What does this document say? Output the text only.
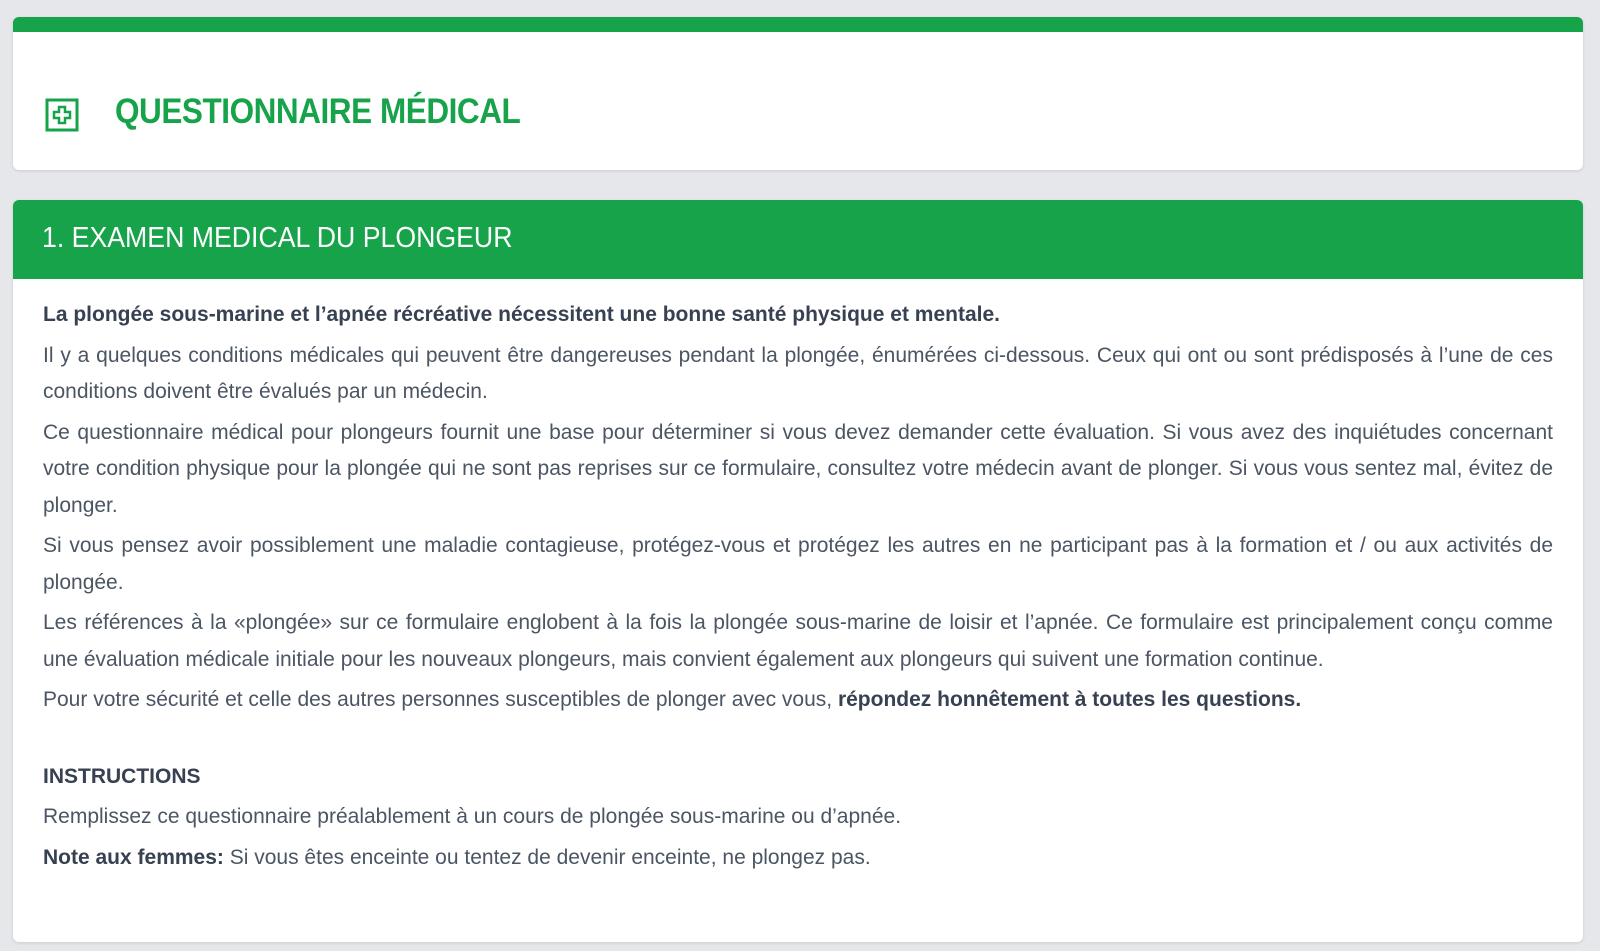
QUESTIONNAIRE MÉDICAL
1. EXAMEN MEDICAL DU PLONGEUR

La plongée sous-marine et l’apnée récréative nécessitent une bonne santé physique et mentale.

Il y a quelques conditions médicales qui peuvent être dangereuses pendant la plongée, énumérées ci-dessous. Ceux qui ont ou sont prédisposés à l’une de ces conditions doivent être évalués par un médecin.

Ce questionnaire médical pour plongeurs fournit une base pour déterminer si vous devez demander cette évaluation. Si vous avez des inquiétudes concernant votre condition physique pour la plongée qui ne sont pas reprises sur ce formulaire, consultez votre médecin avant de plonger. Si vous vous sentez mal, évitez de plonger.

Si vous pensez avoir possiblement une maladie contagieuse, protégez-vous et protégez les autres en ne participant pas à la formation et / ou aux activités de plongée.

Les références à la «plongée» sur ce formulaire englobent à la fois la plongée sous-marine de loisir et l’apnée. Ce formulaire est principalement conçu comme une évaluation médicale initiale pour les nouveaux plongeurs, mais convient également aux plongeurs qui suivent une formation continue.

Pour votre sécurité et celle des autres personnes susceptibles de plonger avec vous, répondez honnêtement à toutes les questions.

INSTRUCTIONS

Remplissez ce questionnaire préalablement à un cours de plongée sous-marine ou d’apnée.

Note aux femmes: Si vous êtes enceinte ou tentez de devenir enceinte, ne plongez pas.
